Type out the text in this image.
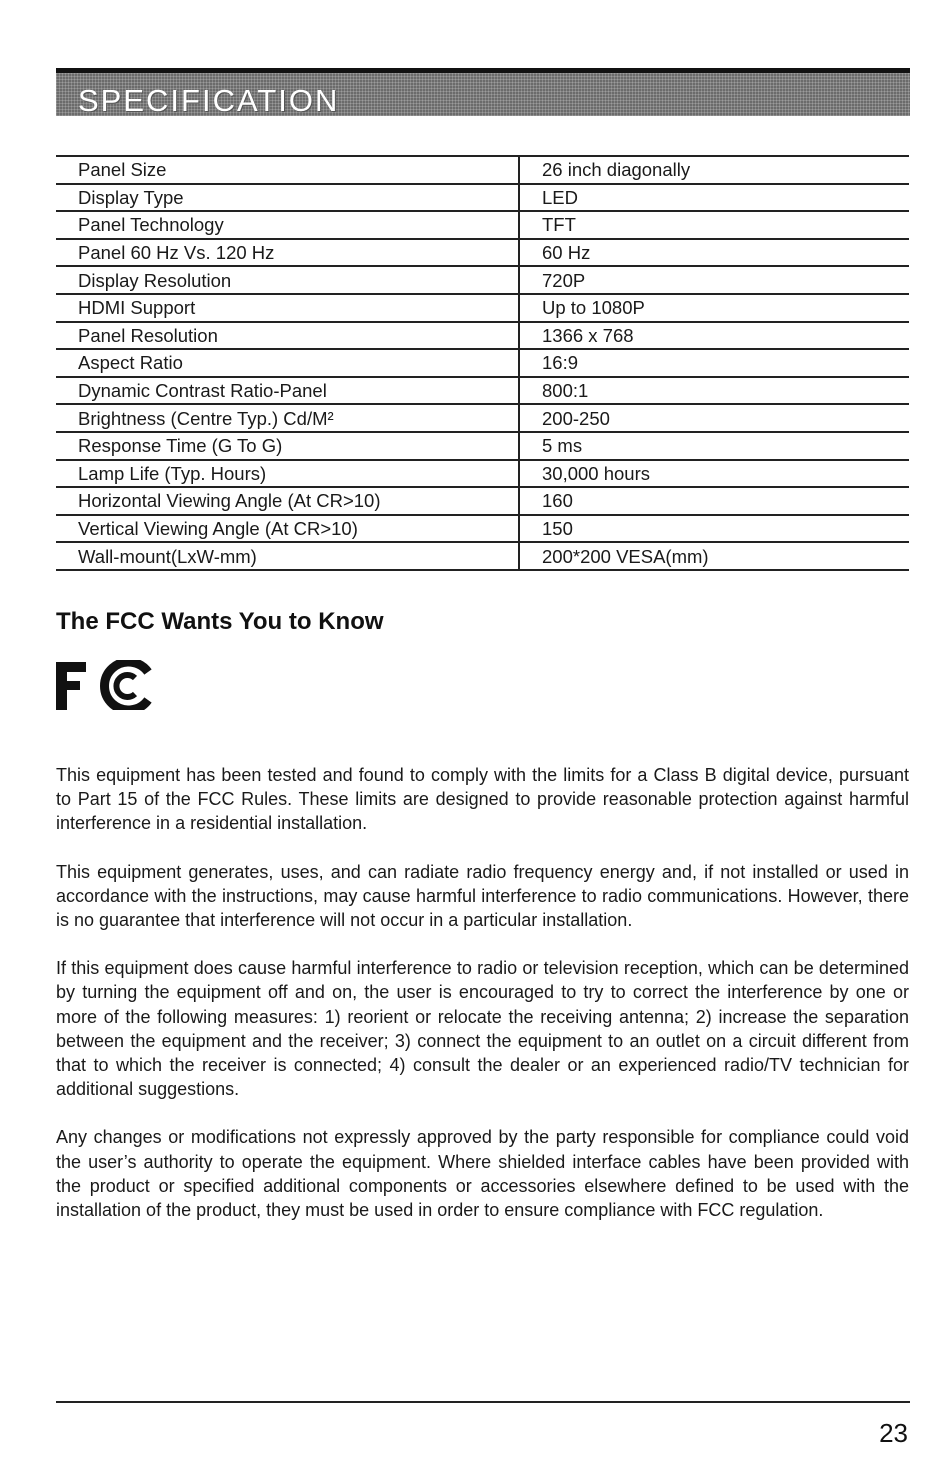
SPECIFICATION
Panel Size	26 inch diagonally
Display Type	LED
Panel Technology	TFT
Panel 60 Hz Vs. 120 Hz	60 Hz
Display Resolution	720P
HDMI Support	Up to 1080P
Panel Resolution	1366 x 768
Aspect Ratio	16:9
Dynamic Contrast Ratio-Panel	800:1
Brightness (Centre Typ.) Cd/M²	200-250
Response Time (G To G)	5 ms
Lamp Life (Typ. Hours)	30,000 hours
Horizontal Viewing Angle (At CR>10)	160
Vertical Viewing Angle (At CR>10)	150
Wall-mount(LxW-mm)	200*200 VESA(mm)
The FCC Wants You to Know

This equipment has been tested and found to comply with the limits for a Class B digital device, pursuant to Part 15 of the FCC Rules. These limits are designed to provide reasonable protection against harmful interference in a residential installation.

This equipment generates, uses, and can radiate radio frequency energy and, if not installed or used in accordance with the instructions, may cause harmful interference to radio communications. However, there is no guarantee that interference will not occur in a particular installation.

If this equipment does cause harmful interference to radio or television reception, which can be determined by turning the equipment off and on, the user is encouraged to try to correct the interference by one or more of the following measures: 1) reorient or relocate the receiving antenna; 2) increase the separation between the equipment and the receiver; 3) connect the equipment to an outlet on a circuit different from that to which the receiver is connected; 4) consult the dealer or an experienced radio/TV technician for additional suggestions.

Any changes or modifications not expressly approved by the party responsible for compliance could void the user’s authority to operate the equipment. Where shielded interface cables have been provided with the product or specified additional components or accessories elsewhere defined to be used with the installation of the product, they must be used in order to ensure compliance with FCC regulation.

23
